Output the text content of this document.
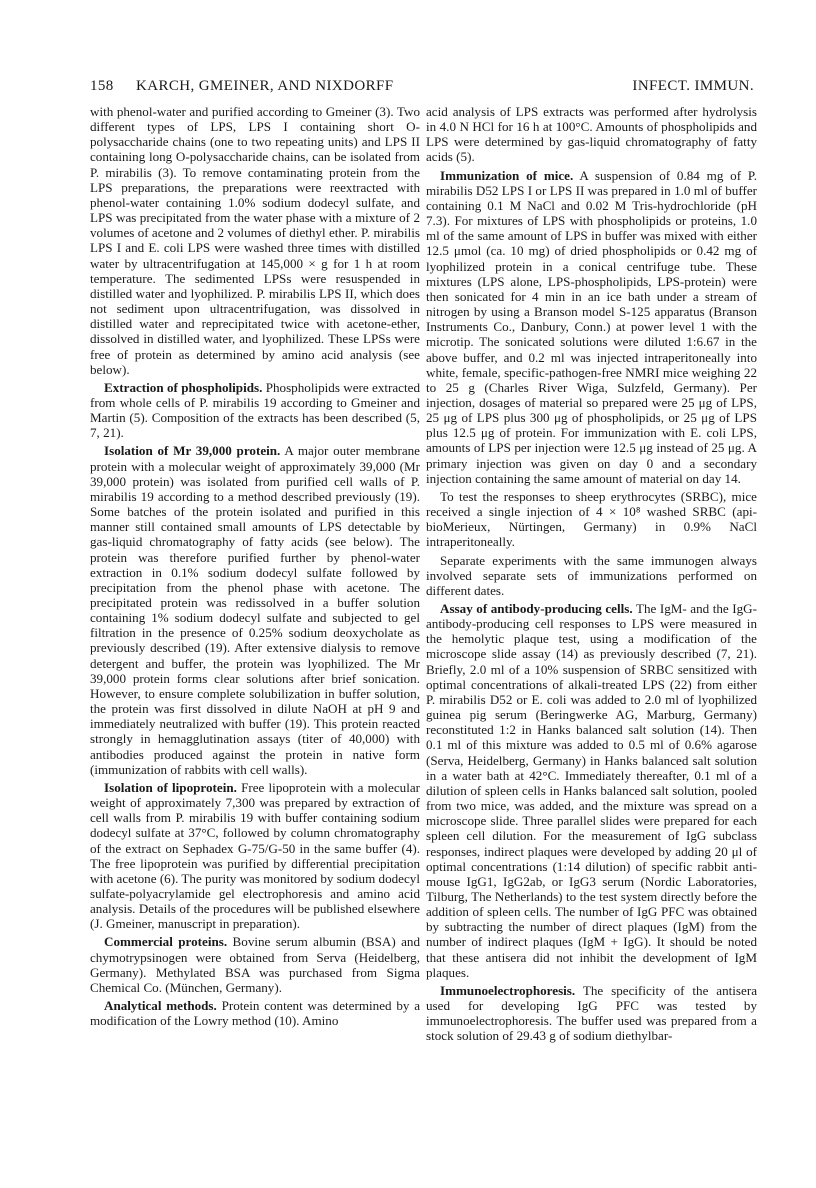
158 KARCH, GMEINER, AND NIXDORFF	INFECT. IMMUN.

with phenol-water and purified according to Gmeiner (3). Two different types of LPS, LPS I containing short O-polysaccharide chains (one to two repeating units) and LPS II containing long O-polysaccharide chains, can be isolated from P. mirabilis (3). To remove contaminating protein from the LPS preparations, the preparations were reextracted with phenol-water containing 1.0% sodium dodecyl sulfate, and LPS was precipitated from the water phase with a mixture of 2 volumes of acetone and 2 volumes of diethyl ether. P. mirabilis LPS I and E. coli LPS were washed three times with distilled water by ultracentrifugation at 145,000 × g for 1 h at room temperature. The sedimented LPSs were resuspended in distilled water and lyophilized. P. mirabilis LPS II, which does not sediment upon ultracentrifugation, was dissolved in distilled water and reprecipitated twice with acetone-ether, dissolved in distilled water, and lyophilized. These LPSs were free of protein as determined by amino acid analysis (see below).

Extraction of phospholipids. Phospholipids were extracted from whole cells of P. mirabilis 19 according to Gmeiner and Martin (5). Composition of the extracts has been described (5, 7, 21).

Isolation of Mr 39,000 protein. A major outer membrane protein with a molecular weight of approximately 39,000 (Mr 39,000 protein) was isolated from purified cell walls of P. mirabilis 19 according to a method described previously (19). Some batches of the protein isolated and purified in this manner still contained small amounts of LPS detectable by gas-liquid chromatography of fatty acids (see below). The protein was therefore purified further by phenol-water extraction in 0.1% sodium dodecyl sulfate followed by precipitation from the phenol phase with acetone. The precipitated protein was redissolved in a buffer solution containing 1% sodium dodecyl sulfate and subjected to gel filtration in the presence of 0.25% sodium deoxycholate as previously described (19). After extensive dialysis to remove detergent and buffer, the protein was lyophilized. The Mr 39,000 protein forms clear solutions after brief sonication. However, to ensure complete solubilization in buffer solution, the protein was first dissolved in dilute NaOH at pH 9 and immediately neutralized with buffer (19). This protein reacted strongly in hemagglutination assays (titer of 40,000) with antibodies produced against the protein in native form (immunization of rabbits with cell walls).

Isolation of lipoprotein. Free lipoprotein with a molecular weight of approximately 7,300 was prepared by extraction of cell walls from P. mirabilis 19 with buffer containing sodium dodecyl sulfate at 37°C, followed by column chromatography of the extract on Sephadex G-75/G-50 in the same buffer (4). The free lipoprotein was purified by differential precipitation with acetone (6). The purity was monitored by sodium dodecyl sulfate-polyacrylamide gel electrophoresis and amino acid analysis. Details of the procedures will be published elsewhere (J. Gmeiner, manuscript in preparation).

Commercial proteins. Bovine serum albumin (BSA) and chymotrypsinogen were obtained from Serva (Heidelberg, Germany). Methylated BSA was purchased from Sigma Chemical Co. (München, Germany).

Analytical methods. Protein content was determined by a modification of the Lowry method (10). Amino

acid analysis of LPS extracts was performed after hydrolysis in 4.0 N HCl for 16 h at 100°C. Amounts of phospholipids and LPS were determined by gas-liquid chromatography of fatty acids (5).

Immunization of mice. A suspension of 0.84 mg of P. mirabilis D52 LPS I or LPS II was prepared in 1.0 ml of buffer containing 0.1 M NaCl and 0.02 M Tris-hydrochloride (pH 7.3). For mixtures of LPS with phospholipids or proteins, 1.0 ml of the same amount of LPS in buffer was mixed with either 12.5 μmol (ca. 10 mg) of dried phospholipids or 0.42 mg of lyophilized protein in a conical centrifuge tube. These mixtures (LPS alone, LPS-phospholipids, LPS-protein) were then sonicated for 4 min in an ice bath under a stream of nitrogen by using a Branson model S-125 apparatus (Branson Instruments Co., Danbury, Conn.) at power level 1 with the microtip. The sonicated solutions were diluted 1:6.67 in the above buffer, and 0.2 ml was injected intraperitoneally into white, female, specific-pathogen-free NMRI mice weighing 22 to 25 g (Charles River Wiga, Sulzfeld, Germany). Per injection, dosages of material so prepared were 25 μg of LPS, 25 μg of LPS plus 300 μg of phospholipids, or 25 μg of LPS plus 12.5 μg of protein. For immunization with E. coli LPS, amounts of LPS per injection were 12.5 μg instead of 25 μg. A primary injection was given on day 0 and a secondary injection containing the same amount of material on day 14.

To test the responses to sheep erythrocytes (SRBC), mice received a single injection of 4 × 10⁸ washed SRBC (api-bioMerieux, Nürtingen, Germany) in 0.9% NaCl intraperitoneally.

Separate experiments with the same immunogen always involved separate sets of immunizations performed on different dates.

Assay of antibody-producing cells. The IgM- and the IgG-antibody-producing cell responses to LPS were measured in the hemolytic plaque test, using a modification of the microscope slide assay (14) as previously described (7, 21). Briefly, 2.0 ml of a 10% suspension of SRBC sensitized with optimal concentrations of alkali-treated LPS (22) from either P. mirabilis D52 or E. coli was added to 2.0 ml of lyophilized guinea pig serum (Beringwerke AG, Marburg, Germany) reconstituted 1:2 in Hanks balanced salt solution (14). Then 0.1 ml of this mixture was added to 0.5 ml of 0.6% agarose (Serva, Heidelberg, Germany) in Hanks balanced salt solution in a water bath at 42°C. Immediately thereafter, 0.1 ml of a dilution of spleen cells in Hanks balanced salt solution, pooled from two mice, was added, and the mixture was spread on a microscope slide. Three parallel slides were prepared for each spleen cell dilution. For the measurement of IgG subclass responses, indirect plaques were developed by adding 20 μl of optimal concentrations (1:14 dilution) of specific rabbit anti-mouse IgG1, IgG2ab, or IgG3 serum (Nordic Laboratories, Tilburg, The Netherlands) to the test system directly before the addition of spleen cells. The number of IgG PFC was obtained by subtracting the number of direct plaques (IgM) from the number of indirect plaques (IgM + IgG). It should be noted that these antisera did not inhibit the development of IgM plaques.

Immunoelectrophoresis. The specificity of the antisera used for developing IgG PFC was tested by immunoelectrophoresis. The buffer used was prepared from a stock solution of 29.43 g of sodium diethylbar-
